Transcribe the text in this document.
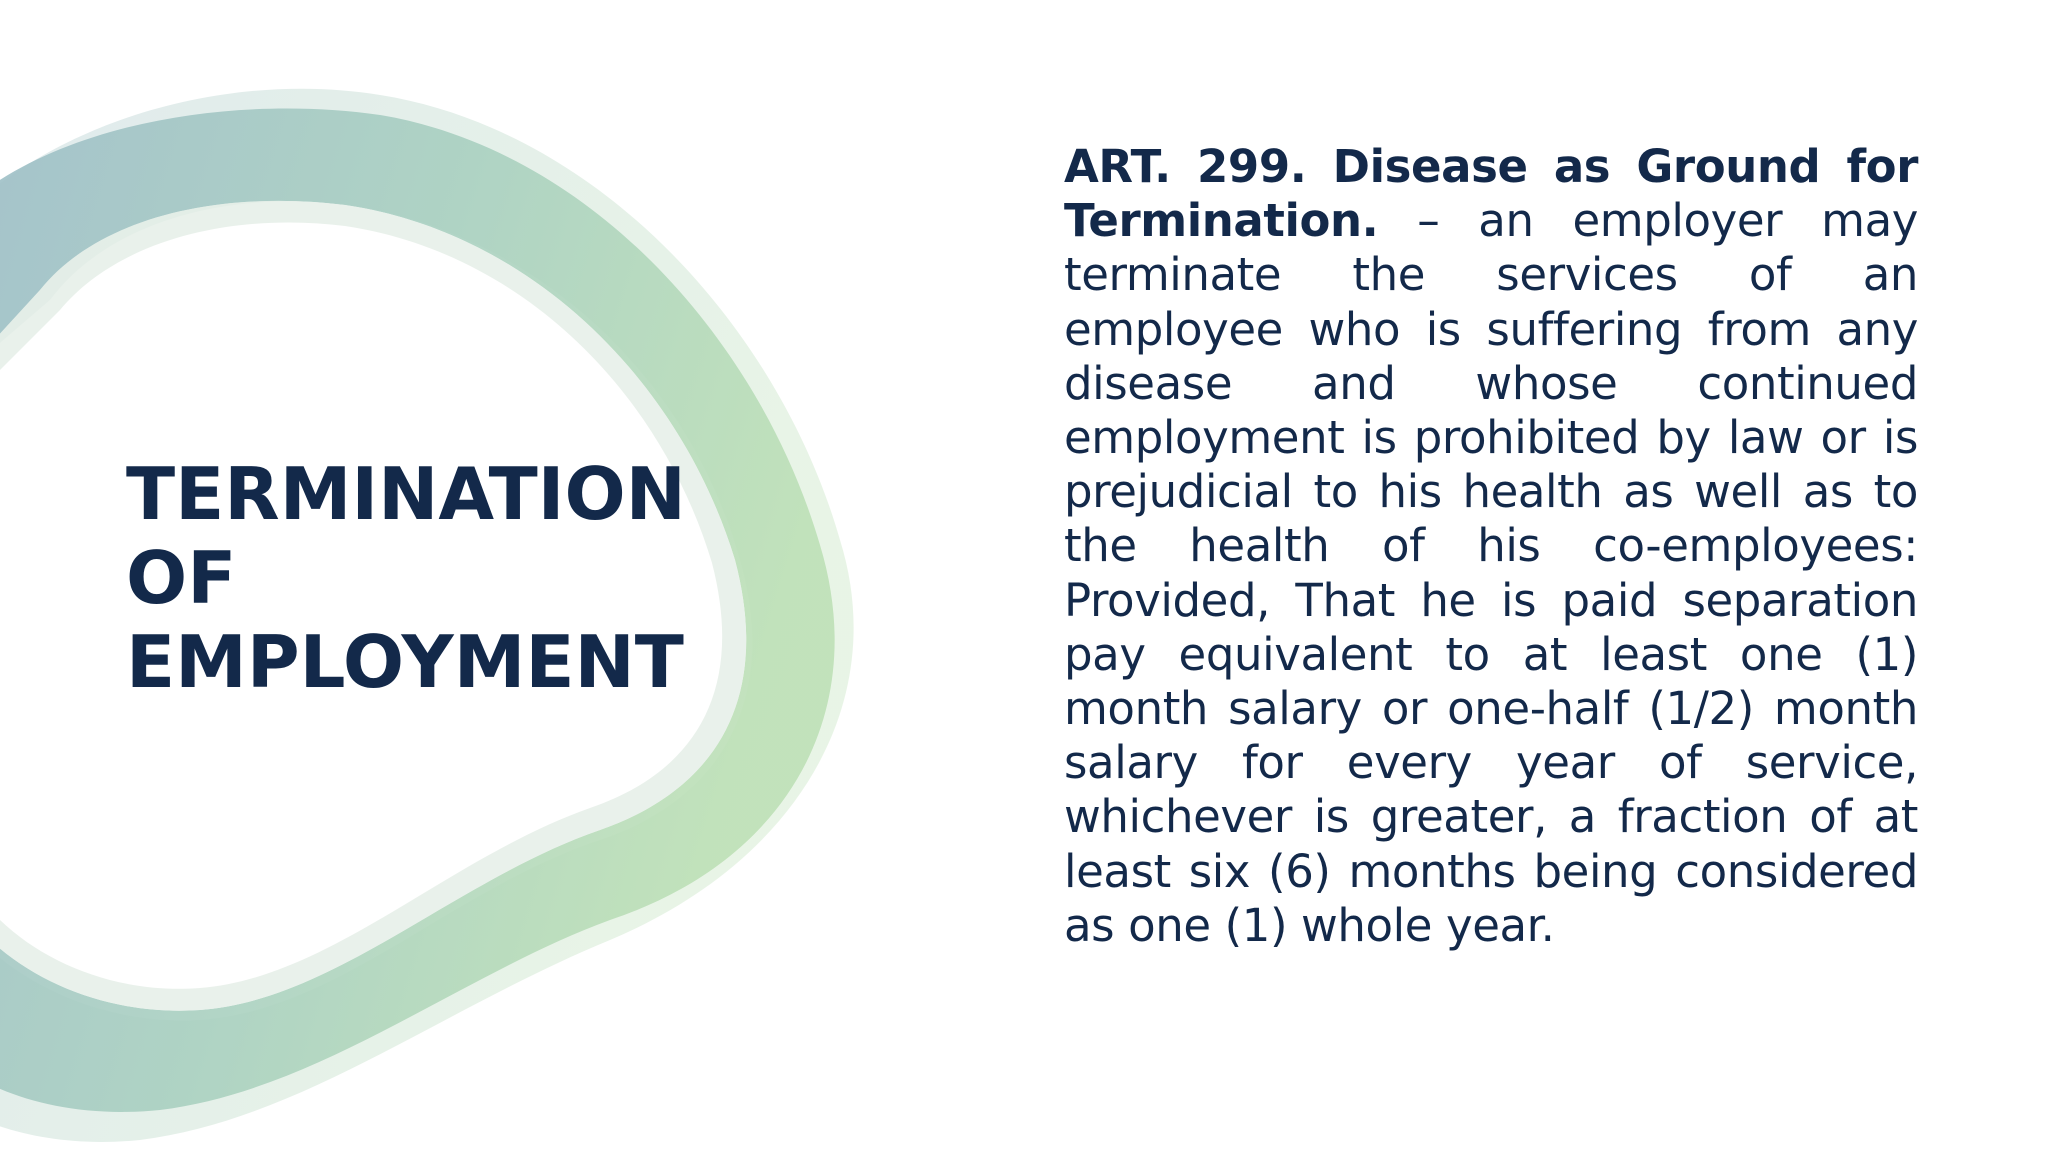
TERMINATION
OF
EMPLOYMENT

ART. 299. Disease as Ground for Termination. – an employer may terminate the services of an employee who is suffering from any disease and whose continued employment is prohibited by law or is prejudicial to his health as well as to the health of his co-employees: Provided, That he is paid separation pay equivalent to at least one (1) month salary or one-half (1/2) month salary for every year of service, whichever is greater, a fraction of at least six (6) months being considered as one (1) whole year.
